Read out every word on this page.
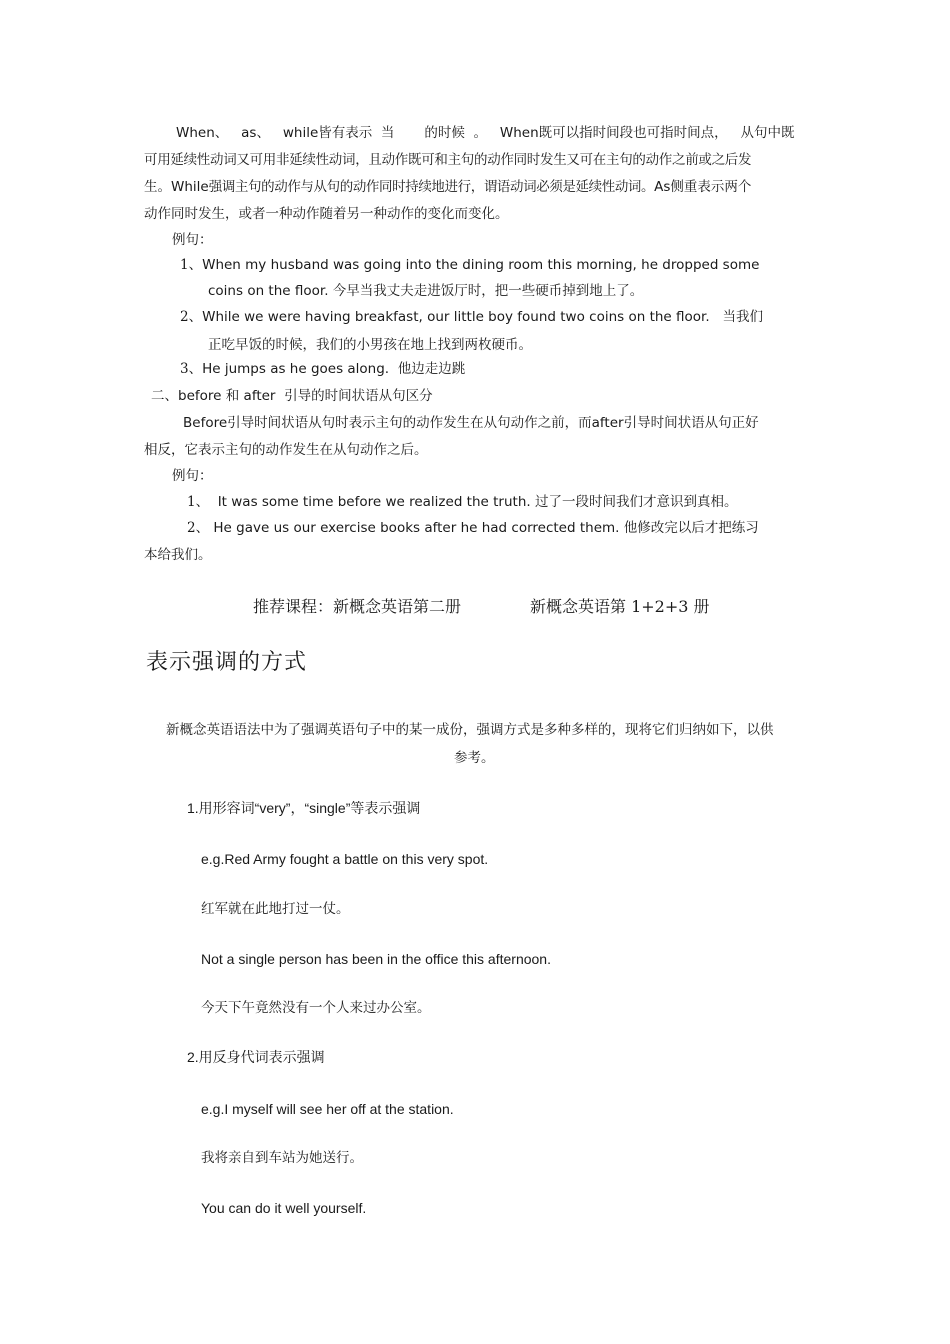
When、 as、 while皆有表示 当 的时候 。 When既可以指时间段也可指时间点， 从句中既
可用延续性动词又可用非延续性动词，且动作既可和主句的动作同时发生又可在主句的动作之前或之后发
生。While强调主句的动作与从句的动作同时持续地进行，谓语动词必须是延续性动词。As侧重表示两个
动作同时发生，或者一种动作随着另一种动作的变化而变化。
例句：
1、When my husband was going into the dining room this morning, he dropped some
coins on the floor. 今早当我丈夫走进饭厅时，把一些硬币掉到地上了。
2、While we were having breakfast, our little boy found two coins on the floor. 当我们
正吃早饭的时候，我们的小男孩在地上找到两枚硬币。
3、He jumps as he goes along. 他边走边跳
二、before 和 after 引导的时间状语从句区分
Before引导时间状语从句时表示主句的动作发生在从句动作之前，而after引导时间状语从句正好
相反，它表示主句的动作发生在从句动作之后。
例句：
1、 It was some time before we realized the truth. 过了一段时间我们才意识到真相。
2、 He gave us our exercise books after he had corrected them. 他修改完以后才把练习
本给我们。
推荐课程：新概念英语第二册	新概念英语第 1+2+3 册
表示强调的方式
新概念英语语法中为了强调英语句子中的某一成份，强调方式是多种多样的，现将它们归纳如下，以供
参考。
1.用形容词“very”，“single”等表示强调
e.g.Red Army fought a battle on this very spot.
红军就在此地打过一仗。
Not a single person has been in the office this afternoon.
今天下午竟然没有一个人来过办公室。
2.用反身代词表示强调
e.g.I myself will see her off at the station.
我将亲自到车站为她送行。
You can do it well yourself.
